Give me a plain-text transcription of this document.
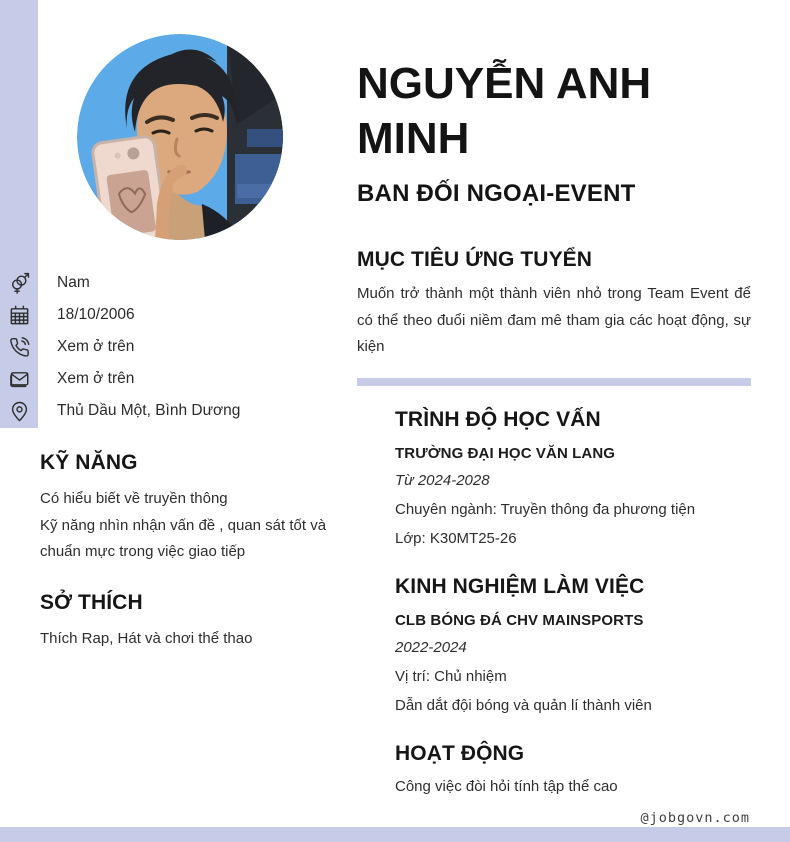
NGUYỄN ANH MINH
BAN ĐỐI NGOẠI-EVENT
Nam
18/10/2006
Xem ở trên
Xem ở trên
Thủ Dầu Một, Bình Dương
KỸ NĂNG
Có hiểu biết về truyền thông
Kỹ năng nhìn nhận vấn đề , quan sát tốt và chuẩn mực trong việc giao tiếp
SỞ THÍCH
Thích Rap, Hát và chơi thể thao
MỤC TIÊU ỨNG TUYỂN
Muốn trở thành một thành viên nhỏ trong Team Event để có thể theo đuổi niềm đam mê tham gia các hoạt động, sự kiện
TRÌNH ĐỘ HỌC VẤN
TRƯỜNG ĐẠI HỌC VĂN LANG
Từ 2024-2028
Chuyên ngành: Truyền thông đa phương tiện
Lớp: K30MT25-26
KINH NGHIỆM LÀM VIỆC
CLB BÓNG ĐÁ CHV MAINSPORTS
2022-2024
Vị trí: Chủ nhiệm
Dẫn dắt đội bóng và quản lí thành viên
HOẠT ĐỘNG
Công việc đòi hỏi tính tập thể cao
@jobgovn.com
